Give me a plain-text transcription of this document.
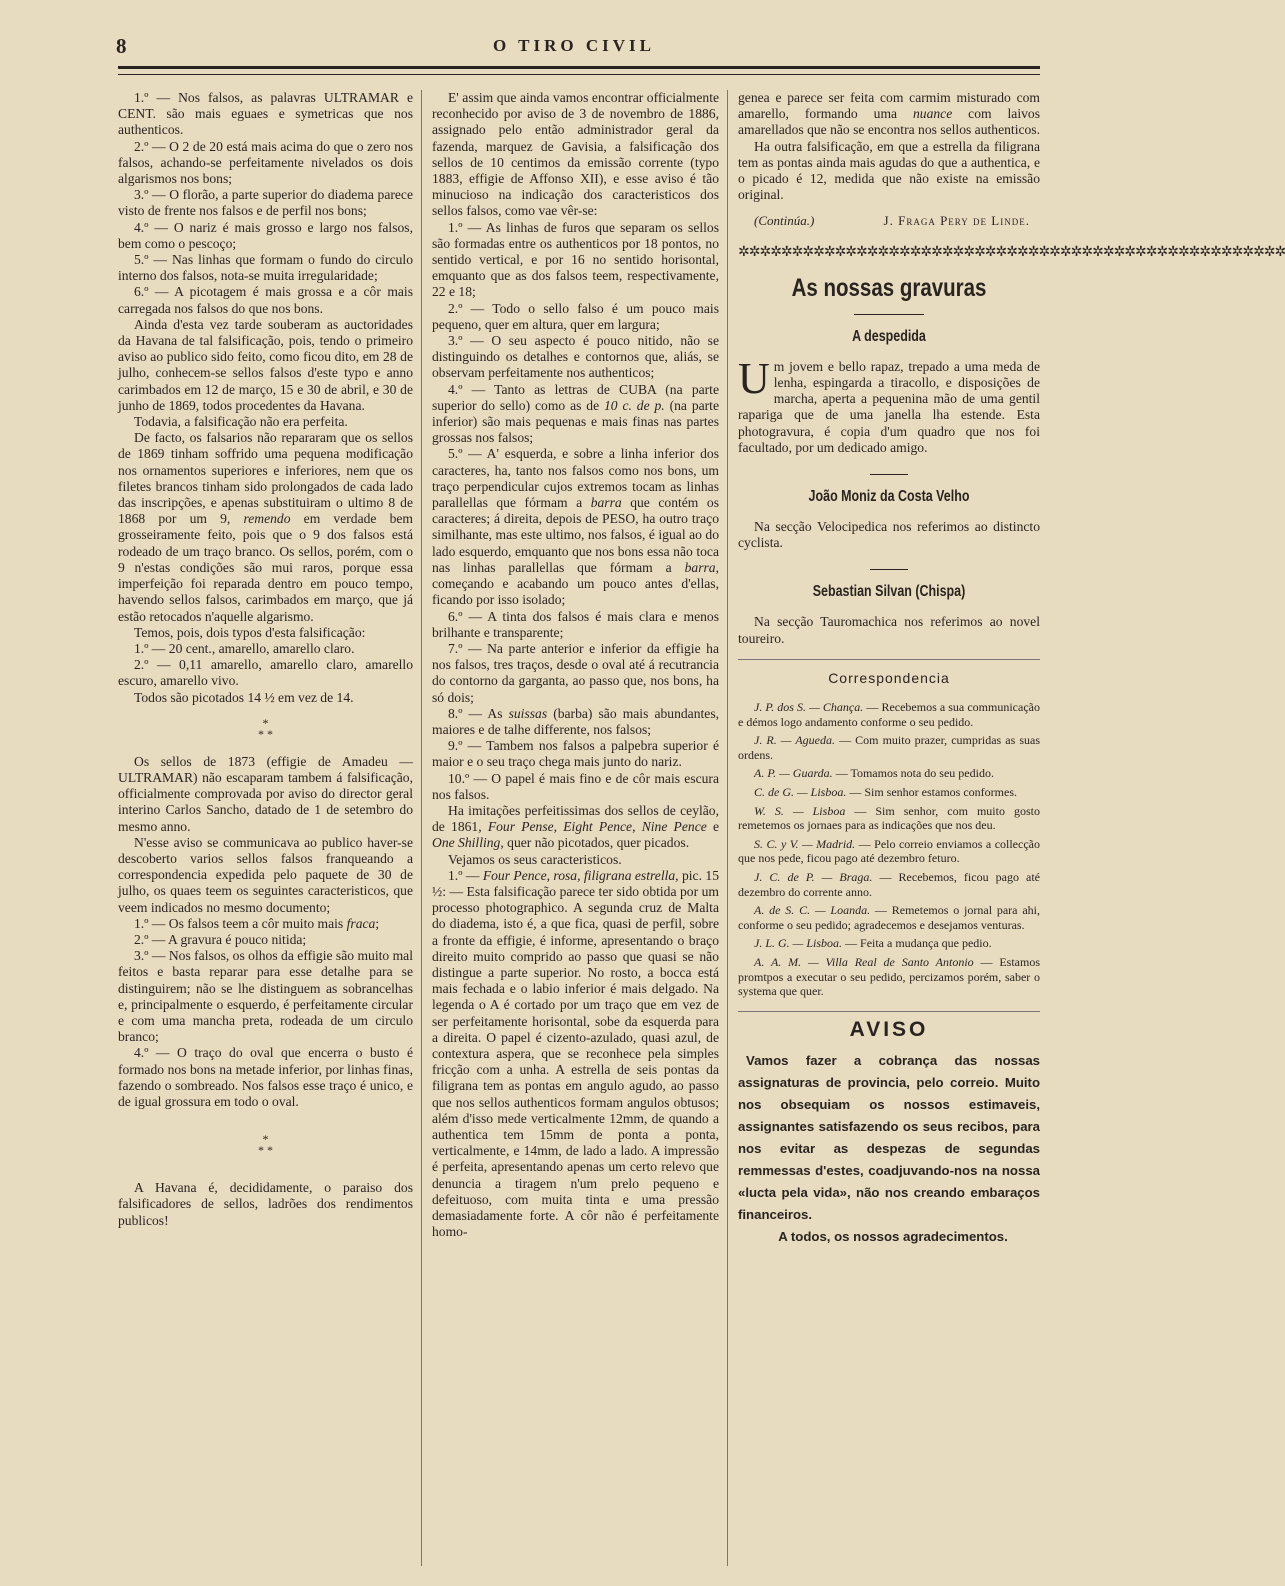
8	O TIRO CIVIL

1.º — Nos falsos, as palavras ULTRAMAR e CENT. são mais eguaes e symetricas que nos authenticos.

2.º — O 2 de 20 está mais acima do que o zero nos falsos, achando-se perfeitamente nivelados os dois algarismos nos bons;

3.º — O florão, a parte superior do diadema parece visto de frente nos falsos e de perfil nos bons;

4.º — O nariz é mais grosso e largo nos falsos, bem como o pescoço;

5.º — Nas linhas que formam o fundo do circulo interno dos falsos, nota-se muita irregularidade;

6.º — A picotagem é mais grossa e a côr mais carregada nos falsos do que nos bons.

Ainda d'esta vez tarde souberam as auctoridades da Havana de tal falsificação, pois, tendo o primeiro aviso ao publico sido feito, como ficou dito, em 28 de julho, conhecem-se sellos falsos d'este typo e anno carimbados em 12 de março, 15 e 30 de abril, e 30 de junho de 1869, todos procedentes da Havana.

Todavia, a falsificação não era perfeita.

De facto, os falsarios não repararam que os sellos de 1869 tinham soffrido uma pequena modificação nos ornamentos superiores e inferiores, nem que os filetes brancos tinham sido prolongados de cada lado das inscripções, e apenas substituiram o ultimo 8 de 1868 por um 9, remendo em verdade bem grosseiramente feito, pois que o 9 dos falsos está rodeado de um traço branco. Os sellos, porém, com o 9 n'estas condições são mui raros, porque essa imperfeição foi reparada dentro em pouco tempo, havendo sellos falsos, carimbados em março, que já estão retocados n'aquelle algarismo.

Temos, pois, dois typos d'esta falsificação:

1.º — 20 cent., amarello, amarello claro.

2.º — 0,11 amarello, amarello claro, amarello escuro, amarello vivo.

Todos são picotados 14 ½ em vez de 14.

*
* *

Os sellos de 1873 (effigie de Amadeu — ULTRAMAR) não escaparam tambem á falsificação, officialmente comprovada por aviso do director geral interino Carlos Sancho, datado de 1 de setembro do mesmo anno.

N'esse aviso se communicava ao publico haver-se descoberto varios sellos falsos franqueando a correspondencia expedida pelo paquete de 30 de julho, os quaes teem os seguintes caracteristicos, que veem indicados no mesmo documento;

1.º — Os falsos teem a côr muito mais fraca;

2.º — A gravura é pouco nitida;

3.º — Nos falsos, os olhos da effigie são muito mal feitos e basta reparar para esse detalhe para se distinguirem; não se lhe distinguem as sobrancelhas e, principalmente o esquerdo, é perfeitamente circular e com uma mancha preta, rodeada de um circulo branco;

4.º — O traço do oval que encerra o busto é formado nos bons na metade inferior, por linhas finas, fazendo o sombreado. Nos falsos esse traço é unico, e de igual grossura em todo o oval.

*
* *

A Havana é, decididamente, o paraiso dos falsificadores de sellos, ladrões dos rendimentos publicos!

E' assim que ainda vamos encontrar officialmente reconhecido por aviso de 3 de novembro de 1886, assignado pelo então administrador geral da fazenda, marquez de Gavisia, a falsificação dos sellos de 10 centimos da emissão corrente (typo 1883, effigie de Affonso XII), e esse aviso é tão minucioso na indicação dos caracteristicos dos sellos falsos, como vae vêr-se:

1.º — As linhas de furos que separam os sellos são formadas entre os authenticos por 18 pontos, no sentido vertical, e por 16 no sentido horisontal, emquanto que as dos falsos teem, respectivamente, 22 e 18;

2.º — Todo o sello falso é um pouco mais pequeno, quer em altura, quer em largura;

3.º — O seu aspecto é pouco nitido, não se distinguindo os detalhes e contornos que, aliás, se observam perfeitamente nos authenticos;

4.º — Tanto as lettras de CUBA (na parte superior do sello) como as de 10 c. de p. (na parte inferior) são mais pequenas e mais finas nas partes grossas nos falsos;

5.º — A' esquerda, e sobre a linha inferior dos caracteres, ha, tanto nos falsos como nos bons, um traço perpendicular cujos extremos tocam as linhas parallellas que fórmam a barra que contém os caracteres; á direita, depois de PESO, ha outro traço similhante, mas este ultimo, nos falsos, é igual ao do lado esquerdo, emquanto que nos bons essa não toca nas linhas parallellas que fórmam a barra, começando e acabando um pouco antes d'ellas, ficando por isso isolado;

6.º — A tinta dos falsos é mais clara e menos brilhante e transparente;

7.º — Na parte anterior e inferior da effigie ha nos falsos, tres traços, desde o oval até á recutrancia do contorno da garganta, ao passo que, nos bons, ha só dois;

8.º — As suissas (barba) são mais abundantes, maiores e de talhe differente, nos falsos;

9.º — Tambem nos falsos a palpebra superior é maior e o seu traço chega mais junto do nariz.

10.º — O papel é mais fino e de côr mais escura nos falsos.

Ha imitações perfeitissimas dos sellos de ceylão, de 1861, Four Pense, Eight Pence, Nine Pence e One Shilling, quer não picotados, quer picados.

Vejamos os seus caracteristicos.

1.º — Four Pence, rosa, filigrana estrella, pic. 15 ½: — Esta falsificação parece ter sido obtida por um processo photographico. A segunda cruz de Malta do diadema, isto é, a que fica, quasi de perfil, sobre a fronte da effigie, é informe, apresentando o braço direito muito comprido ao passo que quasi se não distingue a parte superior. No rosto, a bocca está mais fechada e o labio inferior é mais delgado. Na legenda o A é cortado por um traço que em vez de ser perfeitamente horisontal, sobe da esquerda para a direita. O papel é cizento-azulado, quasi azul, de contextura aspera, que se reconhece pela simples fricção com a unha. A estrella de seis pontas da filigrana tem as pontas em angulo agudo, ao passo que nos sellos authenticos formam angulos obtusos; além d'isso mede verticalmente 12mm, de quando a authentica tem 15mm de ponta a ponta, verticalmente, e 14mm, de lado a lado. A impressão é perfeita, apresentando apenas um certo relevo que denuncia a tiragem n'um prelo pequeno e defeituoso, com muita tinta e uma pressão demasiadamente forte. A côr não é perfeitamente homo-

genea e parece ser feita com carmim misturado com amarello, formando uma nuance com laivos amarellados que não se encontra nos sellos authenticos.

Ha outra falsificação, em que a estrella da filigrana tem as pontas ainda mais agudas do que a authentica, e o picado é 12, medida que não existe na emissão original.

(Continúa.)	J. Fraga Pery de Linde.
✲✲✲✲✲✲✲✲✲✲✲✲✲✲✲✲✲✲✲✲✲✲✲✲✲✲✲✲✲✲✲✲✲✲✲✲✲✲✲✲✲✲✲✲✲✲✲✲✲✲✲
As nossas gravuras
A despedida

Um jovem e bello rapaz, trepado a uma meda de lenha, espingarda a tiracollo, e disposições de marcha, aperta a pequenina mão de uma gentil rapariga que de uma janella lha estende. Esta photogravura, é copia d'um quadro que nos foi facultado, por um dedicado amigo.

João Moniz da Costa Velho

Na secção Velocipedica nos referimos ao distincto cyclista.

Sebastian Silvan (Chispa)

Na secção Tauromachica nos referimos ao novel toureiro.

Correspondencia

J. P. dos S. — Chança. — Recebemos a sua communicação e démos logo andamento conforme o seu pedido.

J. R. — Agueda. — Com muito prazer, cumpridas as suas ordens.

A. P. — Guarda. — Tomamos nota do seu pedido.

C. de G. — Lisboa. — Sim senhor estamos conformes.

W. S. — Lisboa — Sim senhor, com muito gosto remetemos os jornaes para as indicações que nos deu.

S. C. y V. — Madrid. — Pelo correio enviamos a collecção que nos pede, ficou pago até dezembro feturo.

J. C. de P. — Braga. — Recebemos, ficou pago até dezembro do corrente anno.

A. de S. C. — Loanda. — Remetemos o jornal para ahi, conforme o seu pedido; agradecemos e desejamos venturas.

J. L. G. — Lisboa. — Feita a mudança que pedio.

A. A. M. — Villa Real de Santo Antonio — Estamos promtpos a executar o seu pedido, percizamos porém, saber o systema que quer.

AVISO

Vamos fazer a cobrança das nossas assignaturas de provincia, pelo correio. Muito nos obsequiam os nossos estimaveis, assignantes satisfazendo os seus recibos, para nos evitar as despezas de segundas remmessas d'estes, coadjuvando-nos na nossa «lucta pela vida», não nos creando embaraços financeiros.

A todos, os nossos agradecimentos.
